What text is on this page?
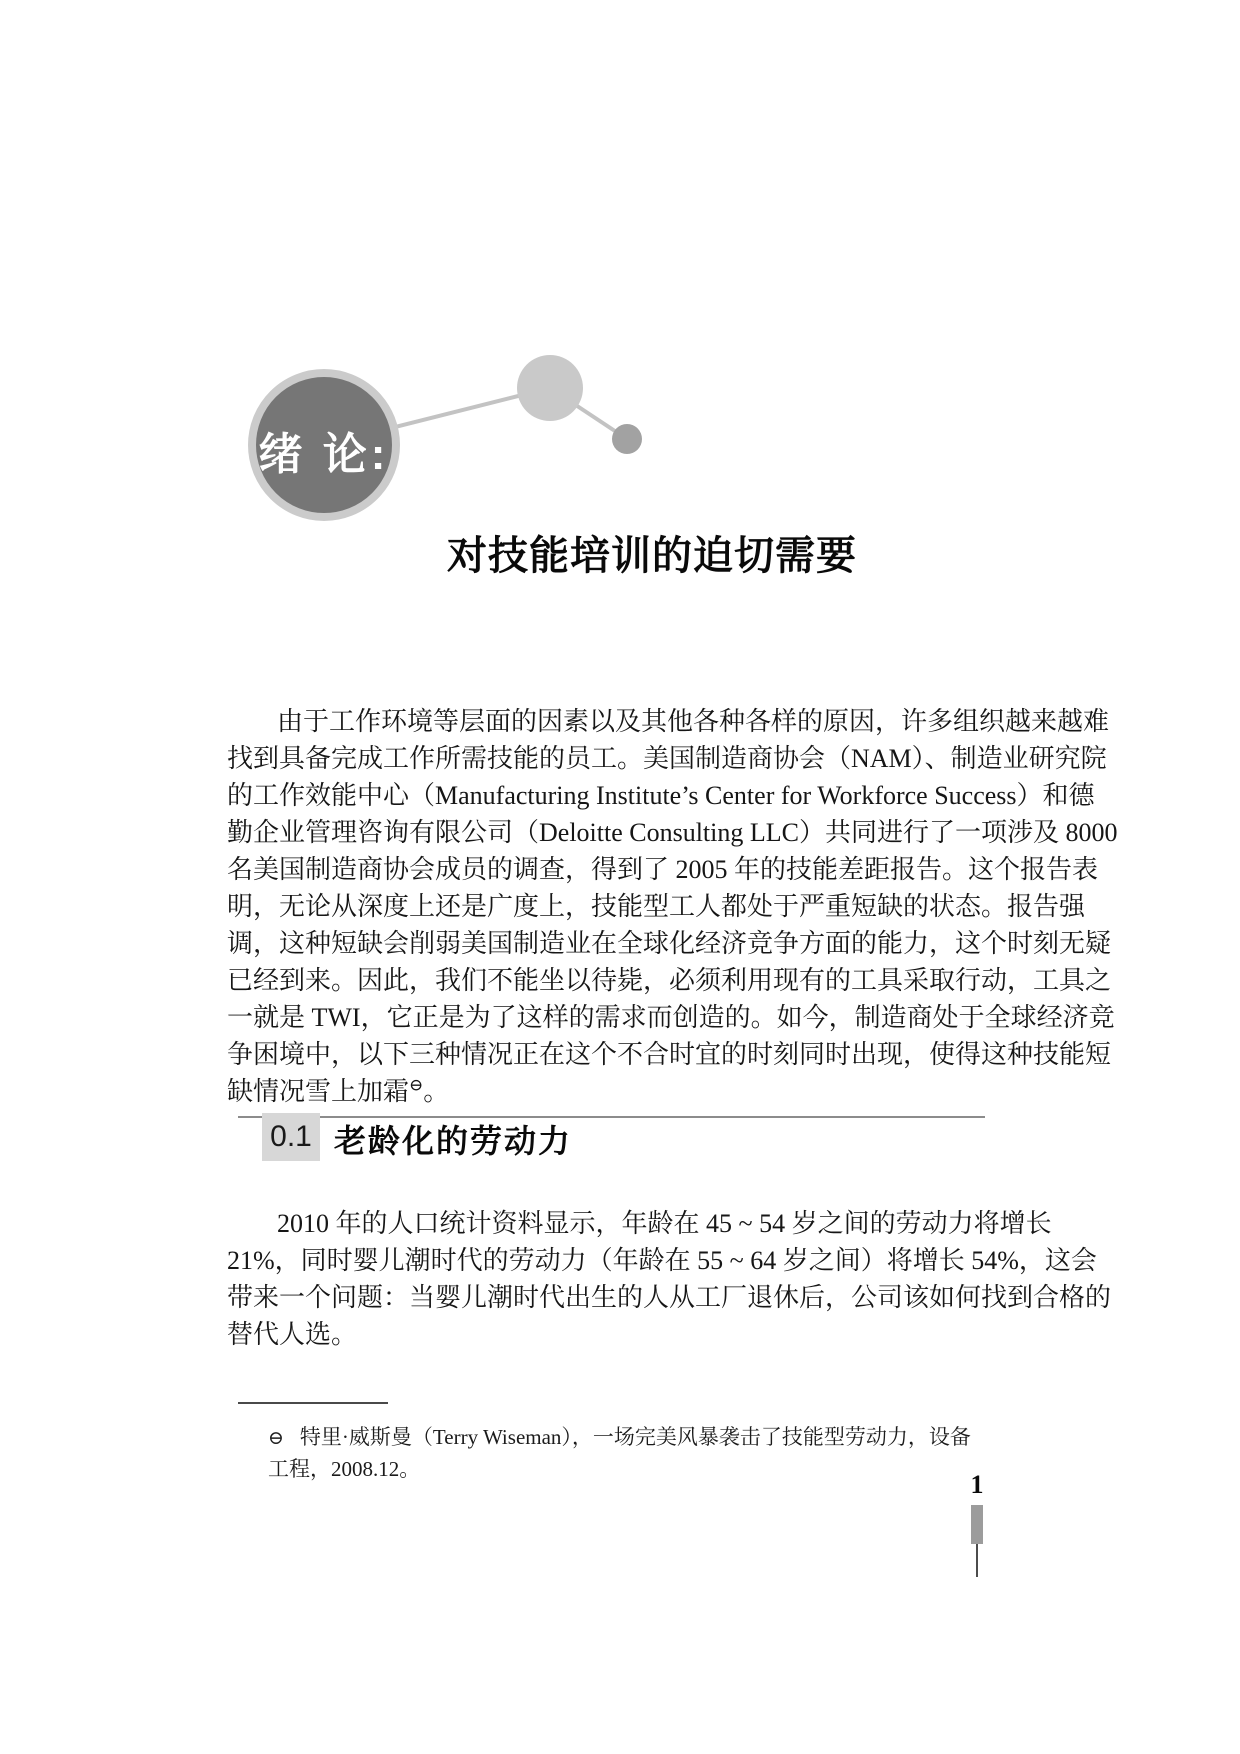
绪 论:
对技能培训的迫切需要
由于工作环境等层面的因素以及其他各种各样的原因，许多组织越来越难
找到具备完成工作所需技能的员工。美国制造商协会（NAM）、制造业研究院
的工作效能中心（Manufacturing Institute’s Center for Workforce Success）和德
勤企业管理咨询有限公司（Deloitte Consulting LLC）共同进行了一项涉及 8000
名美国制造商协会成员的调查，得到了 2005 年的技能差距报告。这个报告表
明，无论从深度上还是广度上，技能型工人都处于严重短缺的状态。报告强
调，这种短缺会削弱美国制造业在全球化经济竞争方面的能力，这个时刻无疑
已经到来。因此，我们不能坐以待毙，必须利用现有的工具采取行动，工具之
一就是 TWI，它正是为了这样的需求而创造的。如今，制造商处于全球经济竞
争困境中，以下三种情况正在这个不合时宜的时刻同时出现，使得这种技能短
缺情况雪上加霜⊖。
0.1 老龄化的劳动力
2010 年的人口统计资料显示，年龄在 45 ~ 54 岁之间的劳动力将增长
21%，同时婴儿潮时代的劳动力（年龄在 55 ~ 64 岁之间）将增长 54%，这会
带来一个问题：当婴儿潮时代出生的人从工厂退休后，公司该如何找到合格的
替代人选。
⊖ 特里·威斯曼（Terry Wiseman），一场完美风暴袭击了技能型劳动力，设备工程，2008.12。
1
